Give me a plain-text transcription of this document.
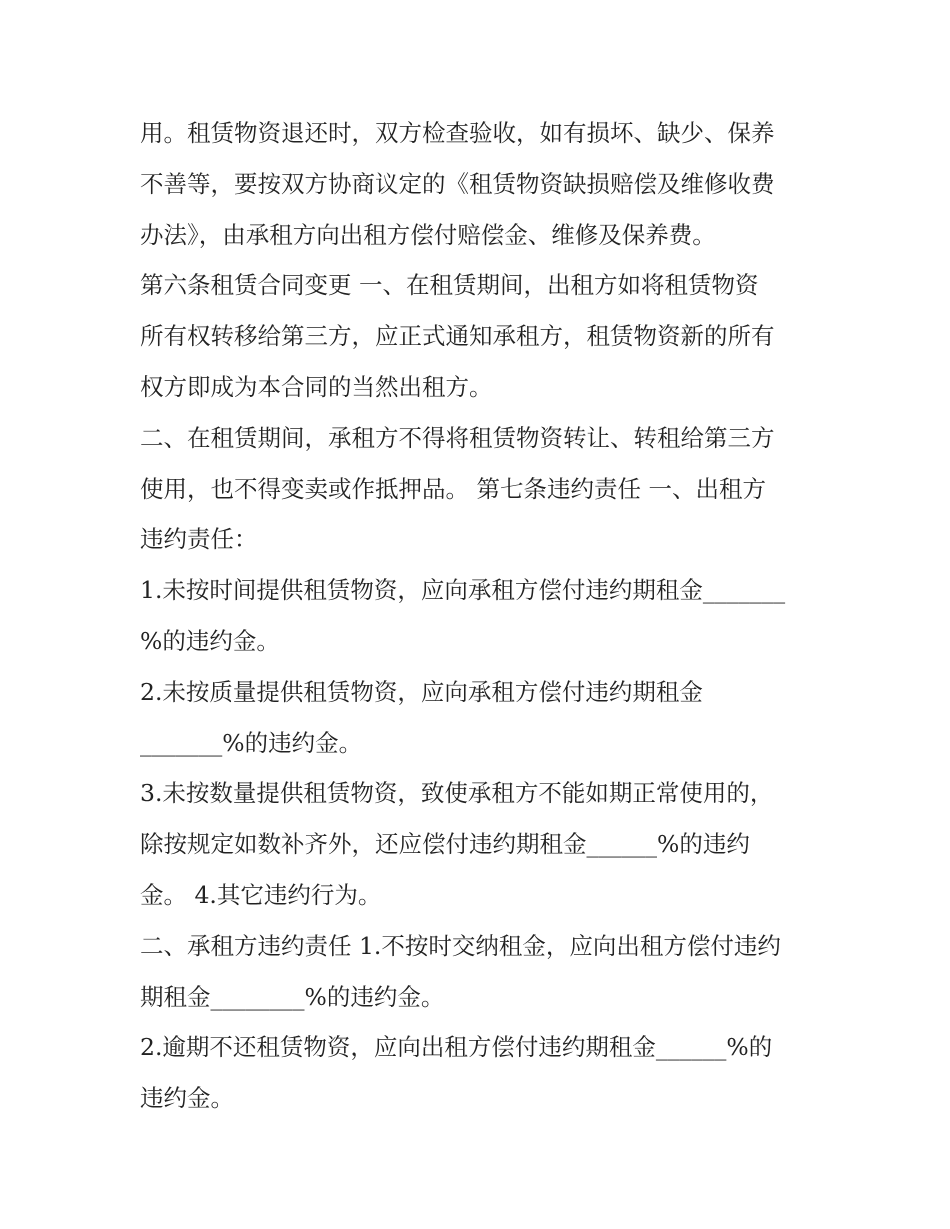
用。租赁物资退还时，双方检查验收，如有损坏、缺少、保养
不善等，要按双方协商议定的《租赁物资缺损赔偿及维修收费
办法》，由承租方向出租方偿付赔偿金、维修及保养费。
第六条租赁合同变更 一、在租赁期间，出租方如将租赁物资
所有权转移给第三方，应正式通知承租方，租赁物资新的所有
权方即成为本合同的当然出租方。
二、在租赁期间，承租方不得将租赁物资转让、转租给第三方
使用，也不得变卖或作抵押品。 第七条违约责任 一、出租方
违约责任：
1.未按时间提供租赁物资，应向承租方偿付违约期租金_______
%的违约金。
2.未按质量提供租赁物资，应向承租方偿付违约期租金
_______%的违约金。
3.未按数量提供租赁物资，致使承租方不能如期正常使用的，
除按规定如数补齐外，还应偿付违约期租金______%的违约
金。 4.其它违约行为。
二、承租方违约责任 1.不按时交纳租金，应向出租方偿付违约
期租金________%的违约金。
2.逾期不还租赁物资，应向出租方偿付违约期租金______%的
违约金。
